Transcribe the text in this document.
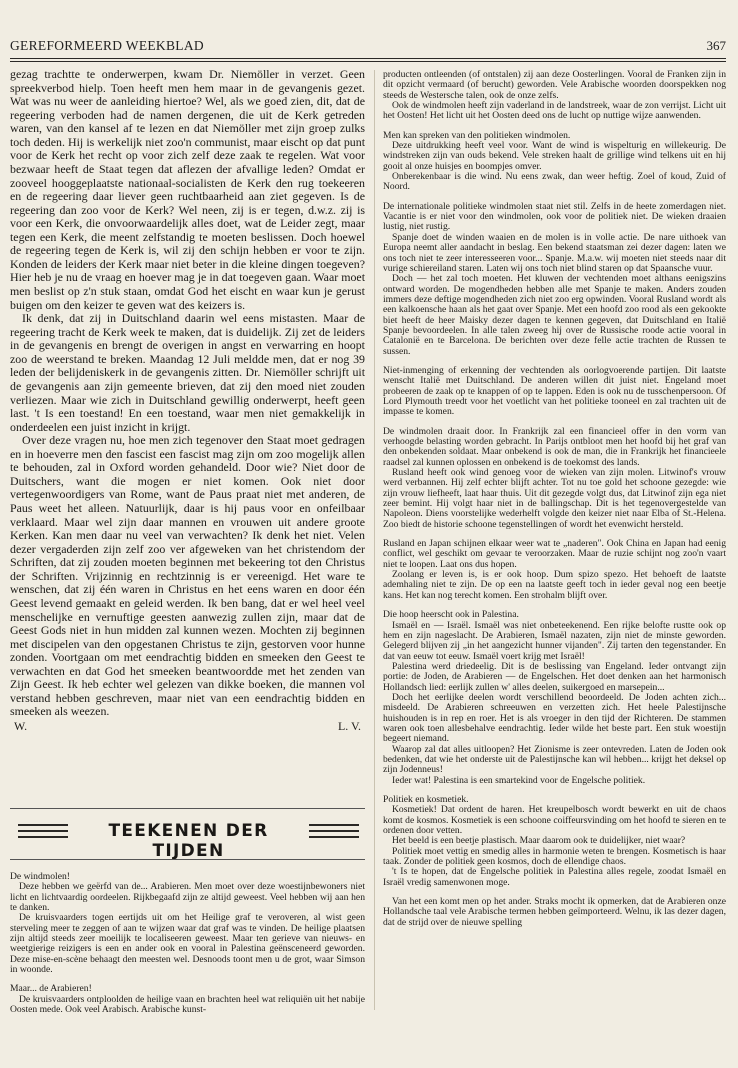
GEREFORMEERD WEEKBLAD	367

gezag trachtte te onderwerpen, kwam Dr. Niemöller in verzet. Geen spreekverbod hielp. Toen heeft men hem maar in de gevangenis gezet. Wat was nu weer de aanleiding hiertoe? Wel, als we goed zien, dit, dat de regeering verboden had de namen dergenen, die uit de Kerk getreden waren, van den kansel af te lezen en dat Niemöller met zijn groep zulks toch deden. Hij is werkelijk niet zoo'n communist, maar eischt op dat punt voor de Kerk het recht op voor zich zelf deze zaak te regelen. Wat voor bezwaar heeft de Staat tegen dat aflezen der afvallige leden? Omdat er zooveel hooggeplaatste nationaal-socialisten de Kerk den rug toekeeren en de regeering daar liever geen ruchtbaarheid aan ziet gegeven. Is de regeering dan zoo voor de Kerk? Wel neen, zij is er tegen, d.w.z. zij is voor een Kerk, die onvoorwaardelijk alles doet, wat de Leider zegt, maar tegen een Kerk, die meent zelfstandig te moeten beslissen. Doch hoewel de regeering tegen de Kerk is, wil zij den schijn hebben er voor te zijn. Konden de leiders der Kerk maar niet beter in die kleine dingen toegeven? Hier heb je nu de vraag en hoever mag je in dat toegeven gaan. Waar moet men beslist op z'n stuk staan, omdat God het eischt en waar kun je gerust buigen om den keizer te geven wat des keizers is.

Ik denk, dat zij in Duitschland daarin wel eens mistasten. Maar de regeering tracht de Kerk week te maken, dat is duidelijk. Zij zet de leiders in de gevangenis en brengt de overigen in angst en verwarring en hoopt zoo de weerstand te breken. Maandag 12 Juli meldde men, dat er nog 39 leden der belijdeniskerk in de gevangenis zitten. Dr. Niemöller schrijft uit de gevangenis aan zijn gemeente brieven, dat zij den moed niet zouden verliezen. Maar wie zich in Duitschland gewillig onderwerpt, heeft geen last. 't Is een toestand! En een toestand, waar men niet gemakkelijk in onderdeelen een juist inzicht in krijgt.

Over deze vragen nu, hoe men zich tegenover den Staat moet gedragen en in hoeverre men den fascist een fascist mag zijn om zoo mogelijk allen te behouden, zal in Oxford worden gehandeld. Door wie? Niet door de Duitschers, want die mogen er niet komen. Ook niet door vertegenwoordigers van Rome, want de Paus praat niet met anderen, de Paus weet het alleen. Natuurlijk, daar is hij paus voor en onfeilbaar verklaard. Maar wel zijn daar mannen en vrouwen uit andere groote Kerken. Kan men daar nu veel van verwachten? Ik denk het niet. Velen dezer vergaderden zijn zelf zoo ver afgeweken van het christendom der Schriften, dat zij zouden moeten beginnen met bekeering tot den Christus der Schriften. Vrijzinnig en rechtzinnig is er vereenigd. Het ware te wenschen, dat zij één waren in Christus en het eens waren en door één Geest levend gemaakt en geleid werden. Ik ben bang, dat er wel heel veel menschelijke en vernuftige geesten aanwezig zullen zijn, maar dat de Geest Gods niet in hun midden zal kunnen wezen. Mochten zij beginnen met discipelen van den opgestanen Christus te zijn, gestorven voor hunne zonden. Voortgaan om met eendrachtig bidden en smeeken den Geest te verwachten en dat God het smeeken beantwoordde met het zenden van Zijn Geest. Ik heb echter wel gelezen van dikke boeken, die mannen vol verstand hebben geschreven, maar niet van een eendrachtig bidden en smeeken als weezen.

W.	L. V.
TEEKENEN DER TIJDEN

De windmolen!

Deze hebben we geërfd van de... Arabieren. Men moet over deze woestijnbewoners niet licht en lichtvaardig oordeelen. Rijkbegaafd zijn ze altijd geweest. Veel hebben wij aan hen te danken.

De kruisvaarders togen eertijds uit om het Heilige graf te veroveren, al wist geen sterveling meer te zeggen of aan te wijzen waar dat graf was te vinden. De heilige plaatsen zijn altijd steeds zeer moeilijk te localiseeren geweest. Maar ten gerieve van nieuws- en weetgierige reizigers is een en ander ook en vooral in Palestina geënsceneerd geworden. Deze mise-en-scène behaagt den meesten wel. Desnoods toont men u de grot, waar Simson in woonde.

Maar... de Arabieren!

De kruisvaarders ontploolden de heilige vaan en brachten heel wat reliquiën uit het nabije Oosten mede. Ook veel Arabisch. Arabische kunst-

producten ontleenden (of ontstalen) zij aan deze Oosterlingen. Vooral de Franken zijn in dit opzicht vermaard (of berucht) geworden. Vele Arabische woorden doorspekken nog steeds de Westersche talen, ook de onze zelfs.

Ook de windmolen heeft zijn vaderland in de landstreek, waar de zon verrijst. Licht uit het Oosten! Het licht uit het Oosten deed ons de lucht op nuttige wijze aanwenden.

Men kan spreken van den politieken windmolen.

Deze uitdrukking heeft veel voor. Want de wind is wispelturig en willekeurig. De windstreken zijn van ouds bekend. Vele streken haalt de grillige wind telkens uit en hij gooit al onze huisjes en boompjes omver.

Onberekenbaar is die wind. Nu eens zwak, dan weer heftig. Zoel of koud, Zuid of Noord.

De internationale politieke windmolen staat niet stil. Zelfs in de heete zomerdagen niet. Vacantie is er niet voor den windmolen, ook voor de politiek niet. De wieken draaien lustig, niet rustig.

Spanje doet de winden waaien en de molen is in volle actie. De nare uithoek van Europa neemt aller aandacht in beslag. Een bekend staatsman zei dezer dagen: laten we ons toch niet te zeer interesseeren voor... Spanje. M.a.w. wij moeten niet steeds naar dit vurige schiereiland staren. Laten wij ons toch niet blind staren op dat Spaansche vuur.

Doch — het zal toch moeten. Het kluwen der vechtenden moet althans eenigszins ontward worden. De mogendheden hebben alle met Spanje te maken. Anders zouden immers deze deftige mogendheden zich niet zoo erg opwinden. Vooral Rusland wordt als een kalkoensche haan als het gaat over Spanje. Met een hoofd zoo rood als een gekookte biet heeft de heer Maisky dezer dagen te kennen gegeven, dat Duitschland en Italië Spanje bevoordeelen. In alle talen zweeg hij over de Russische roode actie vooral in Catalonië en te Barcelona. De berichten over deze felle actie trachten de Russen te sussen.

Niet-inmenging of erkenning der vechtenden als oorlogvoerende partijen. Dit laatste wenscht Italië met Duitschland. De anderen willen dit juist niet. Engeland moet probeeren de zaak op te knappen of op te lappen. Eden is ook nu de tusschenpersoon. Of Lord Plymouth treedt voor het voetlicht van het politieke tooneel en zal trachten uit de impasse te komen.

De windmolen draait door. In Frankrijk zal een financieel offer in den vorm van verhoogde belasting worden gebracht. In Parijs ontbloot men het hoofd bij het graf van den onbekenden soldaat. Maar onbekend is ook de man, die in Frankrijk het financieele raadsel zal kunnen oplossen en onbekend is de toekomst des lands.

Rusland heeft ook wind genoeg voor de wieken van zijn molen. Litwinof's vrouw werd verbannen. Hij zelf echter blijft achter. Tot nu toe gold het schoone gezegde: wie zijn vrouw liefheeft, laat haar thuis. Uit dit gezegde volgt dus, dat Litwinof zijn ega niet zeer bemint. Hij volgt haar niet in de ballingschap. Dit is het tegenovergestelde van Napoleon. Diens voorstelijke wederhelft volgde den keizer niet naar Elba of St.-Helena. Zoo biedt de historie schoone tegenstellingen of wordt het evenwicht hersteld.

Rusland en Japan schijnen elkaar weer wat te „naderen". Ook China en Japan had eenig conflict, wel geschikt om gevaar te veroorzaken. Maar de ruzie schijnt nog zoo'n vaart niet te loopen. Laat ons dus hopen.

Zoolang er leven is, is er ook hoop. Dum spizo spezo. Het behoeft de laatste ademhaling niet te zijn. De op een na laatste geeft toch in ieder geval nog een beetje kans. Het kan nog terecht komen. Een strohalm blijft over.

Die hoop heerscht ook in Palestina.

Ismaël en — Israël. Ismaël was niet onbeteekenend. Een rijke belofte rustte ook op hem en zijn nageslacht. De Arabieren, Ismaël nazaten, zijn niet de minste geworden. Gelegerd blijven zij „in het aangezicht hunner vijanden". Zij tarten den tegenstander. En dat van eeuw tot eeuw. Ismaël voert krijg met Israël!

Palestina werd driedeelig. Dit is de beslissing van Engeland. Ieder ontvangt zijn portie: de Joden, de Arabieren — de Engelschen. Het doet denken aan het harmonisch Hollandsch lied: eerlijk zullen w' alles deelen, suikergoed en marsepein...

Doch het eerlijke deelen wordt verschillend beoordeeld. De Joden achten zich... misdeeld. De Arabieren schreeuwen en verzetten zich. Het heele Palestijnsche huishouden is in rep en roer. Het is als vroeger in den tijd der Richteren. De stammen waren ook toen allesbehalve eendrachtig. Ieder wilde het beste part. Een stuk woestijn begeert niemand.

Waarop zal dat alles uitloopen? Het Zionisme is zeer ontevreden. Laten de Joden ook bedenken, dat wie het onderste uit de Palestijnsche kan wil hebben... krijgt het deksel op zijn Jodenneus!

Ieder wat! Palestina is een smartekind voor de Engelsche politiek.

Politiek en kosmetiek.

Kosmetiek! Dat ordent de haren. Het kreupelbosch wordt bewerkt en uit de chaos komt de kosmos. Kosmetiek is een schoone coiffeursvinding om het hoofd te sieren en te ordenen door vetten.

Het beeld is een beetje plastisch. Maar daarom ook te duidelijker, niet waar?

Politiek moet vettig en smedig alles in harmonie weten te brengen. Kosmetisch is haar taak. Zonder de politiek geen kosmos, doch de ellendige chaos.

't Is te hopen, dat de Engelsche politiek in Palestina alles regele, zoodat Ismaël en Israël vredig samenwonen moge.

Van het een komt men op het ander. Straks mocht ik opmerken, dat de Arabieren onze Hollandsche taal vele Arabische termen hebben geïmporteerd. Welnu, ik las dezer dagen, dat de strijd over de nieuwe spelling
